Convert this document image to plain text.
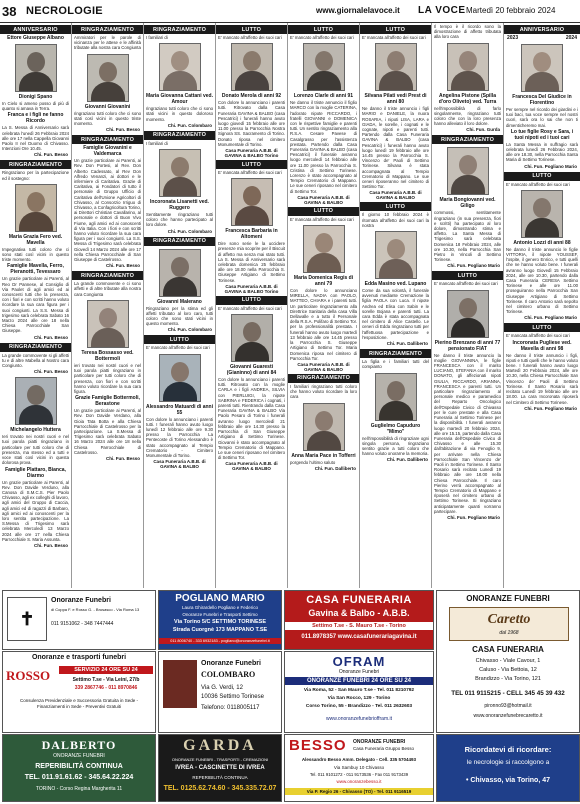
38 NECROLOGIE	www.giornalelavoce.it LA VOCE Martedì 20 febbraio 2024
ANNIVERSARIO
Ettore Giuseppe Albano
Dionigi Spano
In Cielo si ameno posso di più di quanto si amava in Terra.
Franca e i figli ne fanno Ricordo
La S. Messa di Anniversario sarà celebrata l'unedì 26 Febbraio 2024 alle ore 17 nella Cappella Giovanni Paolo II nel Duomo di Chivasso. Intenzioni Ore 10.45.
Chi. Fun. Besso
RINGRAZIAMENTO
Ringraziano per la partecipazione ed il sostegno:
Maria Grazia Fero ved. Mavella
Impegnativa tutti coloro che ci sono stati così vicini in questo triste momento.
Famiglie Mavella, Ferro, Pieranotti, Tevessaro
Un grazie particolare ai Parenti, al Reo Dr Pannese, al Consiglio di Via Paolet di agli amici ed ai conoscenti tutti che la presenza, con i fiori e con scritti hanno voluto ricordare la sua cara figura per i suoi congiunti. La S.S. Messa di trigesimo sarà celebrata Sabato 16 Marzo 2024 alle ore 18 nella Chiesa Parrocchiale San Giuseppe.
Chi. Fun. Besso
RINGRAZIAMENTO
La grande commovente si gli affetti tu e di altre Mabella al Nostro cara Congiunto.
Chi. Fun. Besso
Michelangelo Huttera
Ieri trovato nei nostri cuori e nel tuoi parola piatti ringraziano in particolare per tutti coloro che di presenza, ma stesso ed a tutti e voce stati così vicini in questa dolorosa prova.
Famiglie Plattaro, Bianca, Diarmo
Un grazie particolare ai Parenti, al Rev. Don Davide Verduno, alla Canosa di S.M.C.S. Pier Paolo Chivasso, agli ex colleghi di lavoro, agli amici del Gruppo di Caccia, agli amici ed di ragazzi di Barbaro, agli amici ed ai conoscenti per la loro sentita partecipazione. La S.Messa di Trigesimo sarà celebrata Mercoledì 13 Marzo 2024 alle ore 17 nella Chiesa Parrocchiale S. Maria Assunta.
Chi. Fun. Besso
RINGRAZIAMENTO
Ammiratori per le parole di vicinanza per le attese e le affinità tributate alla nostra cara Congiunta
Giovanni Giovanini
ringraziano tutti coloro che ci sono stati così vicini in questo triste momento.
Chi. Fun. Besso
RINGRAZIAMENTO
Famiglie Giovanini e Valdemarca
Un grazie particolare ai Parenti, ai Rev. Don Portesi, al Rev. Don Alberto Cadessato, al Rev Don Alfredo Venanzi, ai dottori e le infermiere di Caritativa. Grazie di Caritativa, ai Fondatori di tutto il personale di Gruppo Ufficio di Caritativa dell'Unione Agricoltori di Chivasso, al Consorzio Irriguo di Chivasso, a Confagricoltura Torino, ai Direttori Christian Cavallarino, al personale e dottori di Buon Vivo Fiume, agli amici ed ai conoscenti di Via Italia. Con i fiori e con scritti hanno voluto ricordare la sua cara figura per i suoi congiunti. La S.S. Messa di Trigesimo sarà celebrata Giovedì 14 Marzo 2024 alle ore 17 nella Chiesa Parrocchiale di San Giuseppe di Castelrosso.
Chi. Fun. Besso
RINGRAZIAMENTO
La grande commovente e ci sono affetti e di altre tributate alla nostra cara Congiunta
Teresa Bossasso ved. Bottermoli
ieri trovato nei nostri cuori e nel tuoi parola piatti ringraziano in particolare per tutti coloro che di presenza, con fiori e con scritti hanno voluto ricordare la sua cara figura.
Grazie Famiglie Bottermoli, Berastone
Un grazie particolare ai Parenti, al Rev. Don Davide Verdano, alla Gioia Tata Botta e alla Chiesa Parrocchiale di Castelrosso per la partecipazione. La S.Messa di Trigesimo sarà celebrata Sabato 16 Marzo 2024 alle ore 18 nella Chiesa Parrocchiale di Castelrosso.
Chi. Fun. Besso
RINGRAZIAMENTO
I familiari di
Maria Giovanna Cattani ved. Amour
ringraziano tutti coloro che ci sono stati vicini in questo doloroso momento.
Chi. Fun. Colombaro
RINGRAZIAMENTO
I familiari di
Incoronata Lisanetti ved. Ruggero
Sentitamente ringraziano tutti coloro che hanno partecipato al loro dolore.
Chi. Fun. Colombaro
RINGRAZIAMENTO
Giovanni Malerano
Ringraziano per la stima ed gli affetti tributato al loro caro, tutti coloro che sono stati vicini in questo momento.
Chi. Fun. Colombaro
LUTTO
E' mancato all'affetto dei suoi cari
Alessandro Matuardi di anni 55
Con dolore lo annunciano i parenti tutti. I funerali hanno avuto luogo lunedì 12 febbraio alle ore 9.30 presso la Parrocchia La Pentecoste di Torino Alessandro è stato accompagnato al Tempio Crematorio - Cimitero Monumentale di Torino.
Casa Funeraria A.B.B. di GAVINA & BALBO
LUTTO
E' mancato all'affetto dei suoi cari
Donato Merola di anni 92
Con dolore lo annunciano i parenti tutti. Ritrovato dalla Casa Funeraria GAVINA & BALBO (casa Pescatrici) i funerali hanno avuto luogo giovedì 15 febbraio alle ore 11.00 presso la Parrocchia Nostra Signora SS. Sacramento di Torino. Donato riposa nel cimitero Monumentale di Torino.
Casa Funeraria A.B.B. di GAVINA & BALBO Torino
LUTTO
E' mancata all'affetto dei suoi cari
Francesca Barbaria in Altomeni
Dire sono serie le la uccidere presenze mia scoprire per il Biscuit di affetto ma senza mai stato tutti. La S. Messa di Anniversario sarà celebrata domenica 25 febbraio alle ore 18.00 nella Parrocchia S. Giuseppe Artigiano di Settimo Torinese.
Casa Funeraria A.B.B. di GAVINA & BALBO Torino
LUTTO
E' mancato all'affetto dei suoi cari
Giovanni Guaresti (Gianinno) di anni 84
Con dolore lo annunciano i parenti tutti. Ritrovato con la moglie CARLA e i figli ANDREA, SILVIA con PIERLUIGI, la nipote SABRINA e FEDERICA i cognati, i parenti tutti. Rientrando dalla Casa Funeraria GAVINA & BALBO Via Paolo Pesaro di Torino i funerali avranno luogo mercoledì 21 febbraio alle ore 14.30 presso la Parrocchia di San Giuseppe Artigiano di Settimo Torinese. Giovanni è stato accompagnato al Tempio Crematorio di Mappano. Le sue ceneri riposano nel cimitero di Settimo Tor.
Casa Funeraria A.B.B. di GAVINA & BALBO
LUTTO
E' mancato all'affetto dei suoi cari
Lorenzo Clarle di anni 91
Ne danno il triste annuncio il figlio MARCO con la moglie CATERINA, l'adorato nipote RICCARDO, i fratelli GIOVANNI e DOMENICA con le rispettive famiglie e parenti tutti. Un sentito ringraziamento alla R.S.A. Cesare Pavese di Casalgrasso per l'assistenza prestata. Partendo dalla Casa Funeraria GAVINA & BALBO (casa Pescatrici) il funerale avranno luogo mercoledì 14 febbraio alle ore 11.00 presso la Parrocchia S. Cristina di Settimo Torinese. Lorenzo è stato accompagnato al Tempio Crematorio di Mappano. Le sue ceneri riposano nel cimitero di Settimo Tor.
Casa Funeraria A.B.B. di GAVINA & BALBO
LUTTO
E' mancata all'affetto dei suoi cari
Maria Domenica Regis di anni 79
Con dolore lo annunciano MIRELLA, NADIA con PAOLO, MATTEO, CHIARA e i parenti tutti. Un particolare ringraziamento alla Direttrice Sanitaria della casa Villa Dellavalle e a tutto il Personale della R.S.A. Polifaro di Settimo Tor. per la professionalità prestata. I funerali hanno avuto luogo martedì 13 febbraio alle ore 14.45 presso la Parrocchia S. Giuseppe Artigiano di Settimo Tor. Maria Domenica riposa nel cimitero di Parrocchia Tor.
Casa Funeraria A.B.B. di GAVINA & BALBO
RINGRAZIAMENTO
I familiari ringraziano tutti coloro che hanno voluto ricordare la loro cara
Anna Maria Pace in Tofferri
porgendo l'ultimo saluto
Chi. Fun. Dalliberto
LUTTO
E' mancata all'affetto dei suoi cari
Silvana Pilati vedi Prest di anni 80
Ne danno il triste annuncio i figli MARIO e DANIELE, la nuora ROSARIA, i nipoti LISA, LARA e GIADA, le sorelle, i cognati e le cognate, nipoti e parenti tutti. Partendo dalla Casa Funeraria GAVINA & BALBO (casa Pescatrici) i funerali hanno avuto luogo lunedì 19 febbraio alle ore 14.45 presso la Parrocchia S. Vincenzo de' Paoli di Settimo Torinese. Silvana è stata accompagnata al Tempio Crematorio di Mappano. Le sue ceneri riposeranno nel cimitero di Settimo Tor.
Casa Funeraria A.B.B. di GAVINA & BALBO
LUTTO
Il giorno 10 febbraio 2024 è ritornata all'affetto dei suoi cari la nostra
Edda Masino ved. Lupano
Come da sua volontà, il funerale avvenuti mediante Cremazione la figlia PAOLA con Luca. Il nipote Andrea ed Elisa con Sabin e le sorelle Bojana e parenti tutti. La cara Edda è stata accompagnata nel cimitero di Alice Castello. Le ceneri di Edda ringraziano tutti per l'affettuosa partecipazione e l'esposizione.
Chi. Fun. Dalliberto
RINGRAZIAMENTO
La figlia e i familiari tutti del compianto
Guglielmo Capuduro "Mimo"
nell'impossibilità di ringraziare ogni singola persona, ringraziano sentito grazie a tutti coloro che hanno voluto onorarne la memoria.
Chi. Fun. Dalliberto
Il tempo è il ricordo sono la dimostrazione di affetto tributata alla loro cara
Angelina Pistone (Spilla d'oro Oliveto) ved. Turra
nell'impossibilità di farlo singolarmente, ringraziano tutti coloro che con la loro presenza hanno alleviato il loro dolore.
Chi. Fun. Gurda
RINGRAZIAMENTO
Maria Bongiovanni ved. Giligo
commossi, sentitamente ringraziano (in sua presenza, fiori e scritti) ha partecipato al loro dolore, dimostrando stima e affetto. La Santa Messa di Trigesimo sarà celebrata Domenica 18 Febbraio 2024, alle ore 10.30, nella Parrocchia San Pietro in Vincoli di Settimo Torinese.
Chi. Fun. Pogliano Mario
LUTTO
E' mancato all'affetto dei suoi cari
Pierino Brenzano di anni 77 pensionato FIAT
Ne danno il triste annuncio la moglie GIOVANNINA, le figlie FRANCESCA con il marito LUCIANO, STEFANIA con il marito DONATO, gli affezionati nipoti GIULIA, RICCARDO, ARIANNA, FRANCESCA e parenti tutti. Un particolare ringraziamento al personale medico e paramedico del Reparto Oncologico dell'Ospedale Civico di Chivasso per le cure prestate e alla Casa Funeraria al Settimo Torinese per la disponibilità. I funerali avranno luogo martedì 20 febbraio 2024, alle ore 15.15, partendo dalla Casa Funeraria dell'Ospedale Civico di Chivasso e alle 15.30 dall'abitazione di via Fenoglio 9, per arrivare nella Chiesa Parrocchiale San Vincenzo de' Paoli in Settimo Torinese. Il Santo Rosario sarà recitato Lunedì 19 febbraio alle ore 18.00 nella Chiesa Parrocchiale. Il caro Pierino verrà accompagnato al Tempio Crematorio di Mappano e riposerà nel cimitero urbano di Settimo Torinese. Si ringraziano anticipatamente quanti vorranno partecipare.
Chi. Fun. Pogliano Mario
ANNIVERSARIO
2023	2024
Francesca Del Giudice in Fiorentino
Per sempre nel ricordo dei giardini e i tuoi baci, tua voce sempre nel nostri cuori, sarà ora lo sai che non ti dimenticheremo mai.
Lo tue figlie Rosy e Sara, i tuoi nipoti ed i tuoi cari
La Santa Messa in suffragio sarà celebrata lunedì 26 Febbraio 2024, alle ore 18.30, nella Parrocchia Santa Maria di Settimo Torinese.
Chi. Fun. Pogliano Mario
LUTTO
E' mancato all'affetto dei suoi cari
Antonio Lozzi di anni 88
Ne danno il triste annuncio le figlie VITTORIA, il nipote YOUSSEF, l'ospite, il genero Enrico, e tutti quelli che ne hanno voluto bene. I funerali avranno luogo Giovedì 15 Febbraio 2024, alle ore 10.30, partendo dalla Casa Funeraria CERESA Settimo Torinese e alle ore 11.00 proseguiranno nella Parrocchia San Giuseppe Artigiano di Settimo Torinese. Il caro Antonio sarà sepolto nel cimitero urbano di Settimo Torinese.
Chi. Fun. Pogliano Mario
LUTTO
E' mancata all'affetto dei suoi cari
Incoronata Pugliese ved. Mavella di anni 98
Ne danno il triste annuncio i figli, nipoti e tutti quelli che le hanno voluto bene. I funerali hanno avuto luogo Martedì 20 Febbraio 2024, alle ore 10.30, nella Chiesa Parrocchiale San Vincenzo de' Paoli di Settimo Torinese. Il Santo Rosario sarà recitato Lunedì 19 febbraio alle ore 18.00. La cara Incoronata riposerà nel Cimitero di Settimo Torinese.
Chi. Fun. Pogliano Mario
✝
Onoranze Funebri
di Coppa F. e Rosso G. - Brusasco - Via Roma 13
011 9151062 - 348 7447444
Onoranze e trasporti funebri
ROSSO	SERVIZIO 24 ORE SU 24
Settimo T.se - Via Leiní, 27/b
339 2867746 - 011 8970846
Consulenza Previdenziale e Successoria Gratuita in Sede - Finanziamenti in Sede - Preventivi Gratuiti
DALBERTO
ONORANZE FUNEBRI
REPERIBILITÀ CONTINUA
TEL. 011.91.61.62 - 345.64.22.224
TORINO - Corso Regina Margherita 11
POGLIANO MARIO
Laura Ghirardello Pogliano e Federico
Onoranze Funebri e Trasporti Settimo
Via Torino 5/C SETTIMO TORINESE
Strada Cuorgnè 173 MAPPANO T.SE
011 8006740 - 333 6932183 - pogliano@onoranzefunebri.it
Onoranze Funebri
COLOMBARO
Via G. Verdi, 12
10036 Settimo Torinese
Telefono: 0118005117
GARDA
ONORANZE FUNEBRI - TRASPORTI - CREMAZIONI
IVREA - CASCINETTE DI IVREA
REPERIBILITÀ CONTINUA
TEL. 0125.62.74.60 - 345.335.72.07
CASA FUNERARIA
Gavina & Balbo - A.B.B.
Settimo T.se - S. Mauro T.se - Torino
011.8978357 www.casafunerariagavina.it
OFRAM
Onoranze Funebri
ONORANZE FUNEBRI 24 ORE SU 24
Via Roma, 52 - San Mauro T.se - Tel. 011 8210792
Via San Rocco, 129 - Torino
Corso Torino, 55 - Brandizzo - Tel. 011 2632603
www.onoranzefunebrioffram.it
BESSO ONORANZE FUNEBRI
Casa Funeraria Gruppo Besso
Alessandro Besso Amm. Delegato - Cell. 335 5704493
Via Sambuy 10 Chivasso
Tel. 011 9101272 - 011 9173536 - Fax 011 9173439
www.onoranzebesso.it
Via P. Regio 26 - Chivasso (TO) - Tel. 011 9116519
ONORANZE FUNEBRI
Caretto
dal 1968
CASA FUNERARIA
Chivasso - Viale Cavour, 1
Caluso - Via Bettoia, 12
Brandizzo - Via Torino, 121
TEL 011 9115215 - CELL 345 45 39 432
pironno93@hotmail.it
www.onoranzefunebrecaretto.it
Ricordatevi di ricordare:
le necrologie si raccolgono a
• Chivasso, via Torino, 47
